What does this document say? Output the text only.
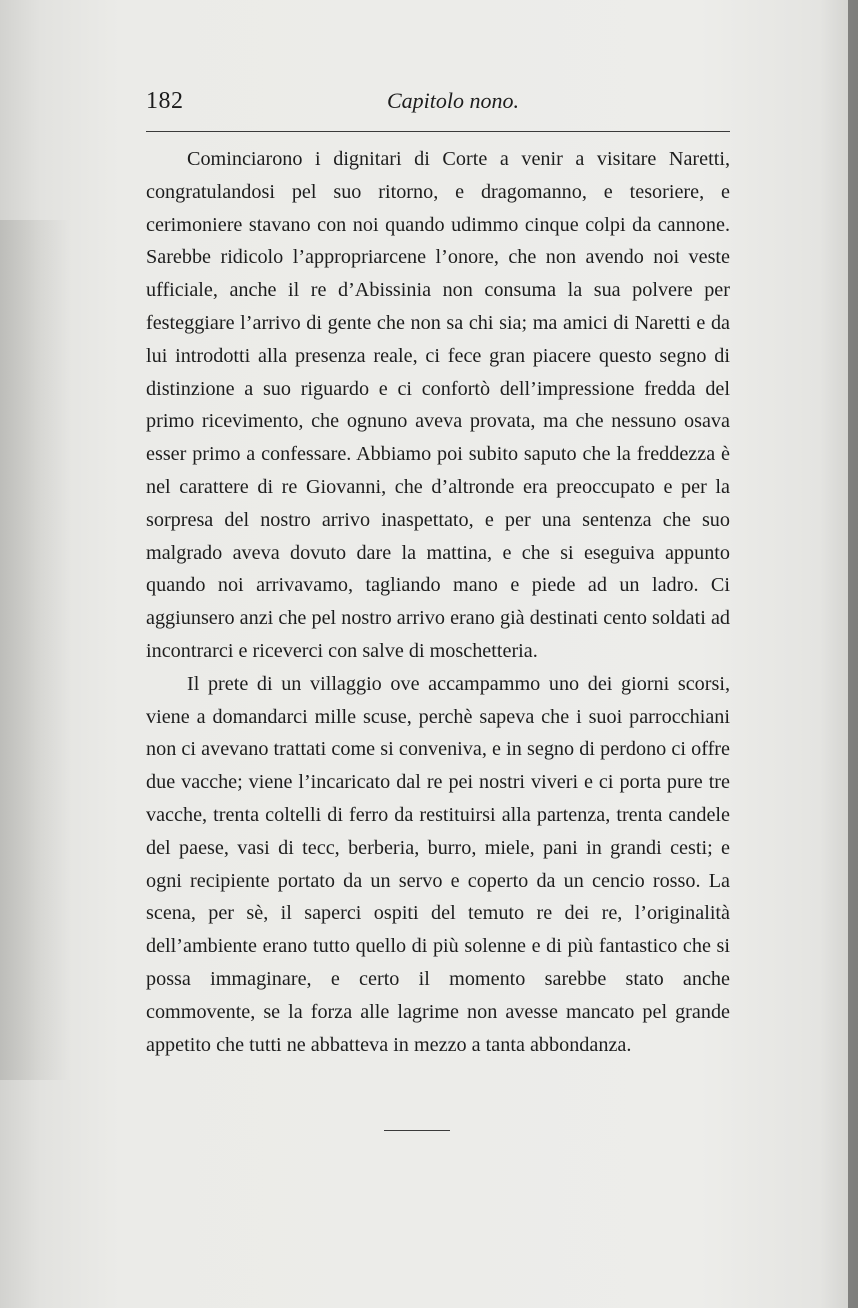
182	Capitolo nono.

Cominciarono i dignitari di Corte a venir a visitare Naretti, congratulandosi pel suo ritorno, e dragomanno, e tesoriere, e cerimoniere stavano con noi quando udimmo cinque colpi da cannone. Sarebbe ridicolo l’appropriarcene l’onore, che non avendo noi veste ufficiale, anche il re d’Abissinia non consuma la sua polvere per festeggiare l’arrivo di gente che non sa chi sia; ma amici di Naretti e da lui introdotti alla presenza reale, ci fece gran piacere questo segno di distinzione a suo riguardo e ci confortò dell’impressione fredda del primo ricevimento, che ognuno aveva provata, ma che nessuno osava esser primo a confessare. Abbiamo poi subito saputo che la freddezza è nel carattere di re Giovanni, che d’altronde era preoccupato e per la sorpresa del nostro arrivo inaspettato, e per una sentenza che suo malgrado aveva dovuto dare la mattina, e che si eseguiva appunto quando noi arrivavamo, tagliando mano e piede ad un ladro. Ci aggiunsero anzi che pel nostro arrivo erano già destinati cento soldati ad incontrarci e riceverci con salve di moschetteria.

Il prete di un villaggio ove accampammo uno dei giorni scorsi, viene a domandarci mille scuse, perchè sapeva che i suoi parrocchiani non ci avevano trattati come si conveniva, e in segno di perdono ci offre due vacche; viene l’incaricato dal re pei nostri viveri e ci porta pure tre vacche, trenta coltelli di ferro da restituirsi alla partenza, trenta candele del paese, vasi di tecc, berberia, burro, miele, pani in grandi cesti; e ogni recipiente portato da un servo e coperto da un cencio rosso. La scena, per sè, il saperci ospiti del temuto re dei re, l’originalità dell’ambiente erano tutto quello di più solenne e di più fantastico che si possa immaginare, e certo il momento sarebbe stato anche commovente, se la forza alle lagrime non avesse mancato pel grande appetito che tutti ne abbatteva in mezzo a tanta abbondanza.
